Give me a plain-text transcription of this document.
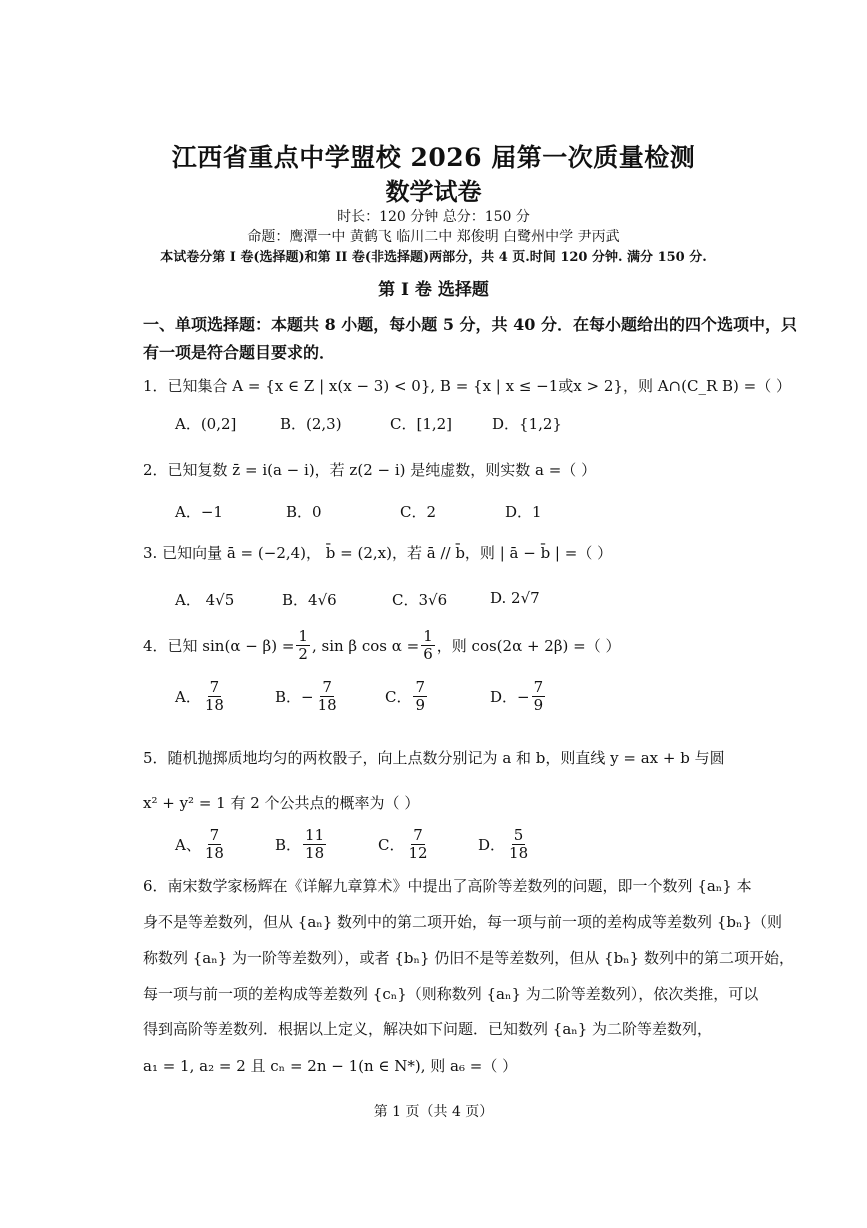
江西省重点中学盟校 2026 届第一次质量检测
数学试卷
时长：120 分钟 总分：150 分
命题：鹰潭一中 黄鹤飞 临川二中 郑俊明 白鹭州中学 尹丙武
本试卷分第 I 卷(选择题)和第 II 卷(非选择题)两部分，共 4 页.时间 120 分钟. 满分 150 分.
第 I 卷 选择题
一、单项选择题：本题共 8 小题，每小题 5 分，共 40 分．在每小题给出的四个选项中，只
有一项是符合题目要求的．
1．已知集合 A = {x ∈ Z | x(x − 3) < 0}, B = {x | x ≤ −1或x > 2}，则 A∩(C_R B) =（ ）
A．(0,2]	B．(2,3)	C．[1,2]	D．{1,2}
2．已知复数 z̄ = i(a − i)，若 z(2 − i) 是纯虚数，则实数 a =（ ）
A．−1	B．0	C．2	D．1
3. 已知向量 ā = (−2,4)， b̄ = (2,x)，若 ā // b̄，则 | ā − b̄ | =（ ）
A． 4√5	B．4√6	C．3√6	D. 2√7
4．已知 $\sin(\alpha - \beta) = \frac{1}{2}$ , sin β $\cos \alpha = \frac{1}{6}$ ，则 cos(2α + 2β) =（ ）
A． $\frac{7}{18}$	B．− $\frac{7}{18}$	C． $\frac{7}{9}$	D．− $\frac{7}{9}$
5．随机抛掷质地均匀的两枚骰子，向上点数分别记为 a 和 b，则直线 y = ax + b 与圆
x² + y² = 1 有 2 个公共点的概率为（ ）
A、 $\frac{7}{18}$	B． $\frac{11}{18}$	C． $\frac{7}{12}$	D． $\frac{5}{18}$
6．南宋数学家杨辉在《详解九章算术》中提出了高阶等差数列的问题，即一个数列 {aₙ} 本
身不是等差数列，但从 {aₙ} 数列中的第二项开始，每一项与前一项的差构成等差数列 {bₙ}（则
称数列 {aₙ} 为一阶等差数列），或者 {bₙ} 仍旧不是等差数列，但从 {bₙ} 数列中的第二项开始，
每一项与前一项的差构成等差数列 {cₙ}（则称数列 {aₙ} 为二阶等差数列），依次类推，可以
得到高阶等差数列．根据以上定义，解决如下问题．已知数列 {aₙ} 为二阶等差数列，
a₁ = 1, a₂ = 2 且 cₙ = 2n − 1(n ∈ N*), 则 a₆ =（ ）
第 1 页（共 4 页）
